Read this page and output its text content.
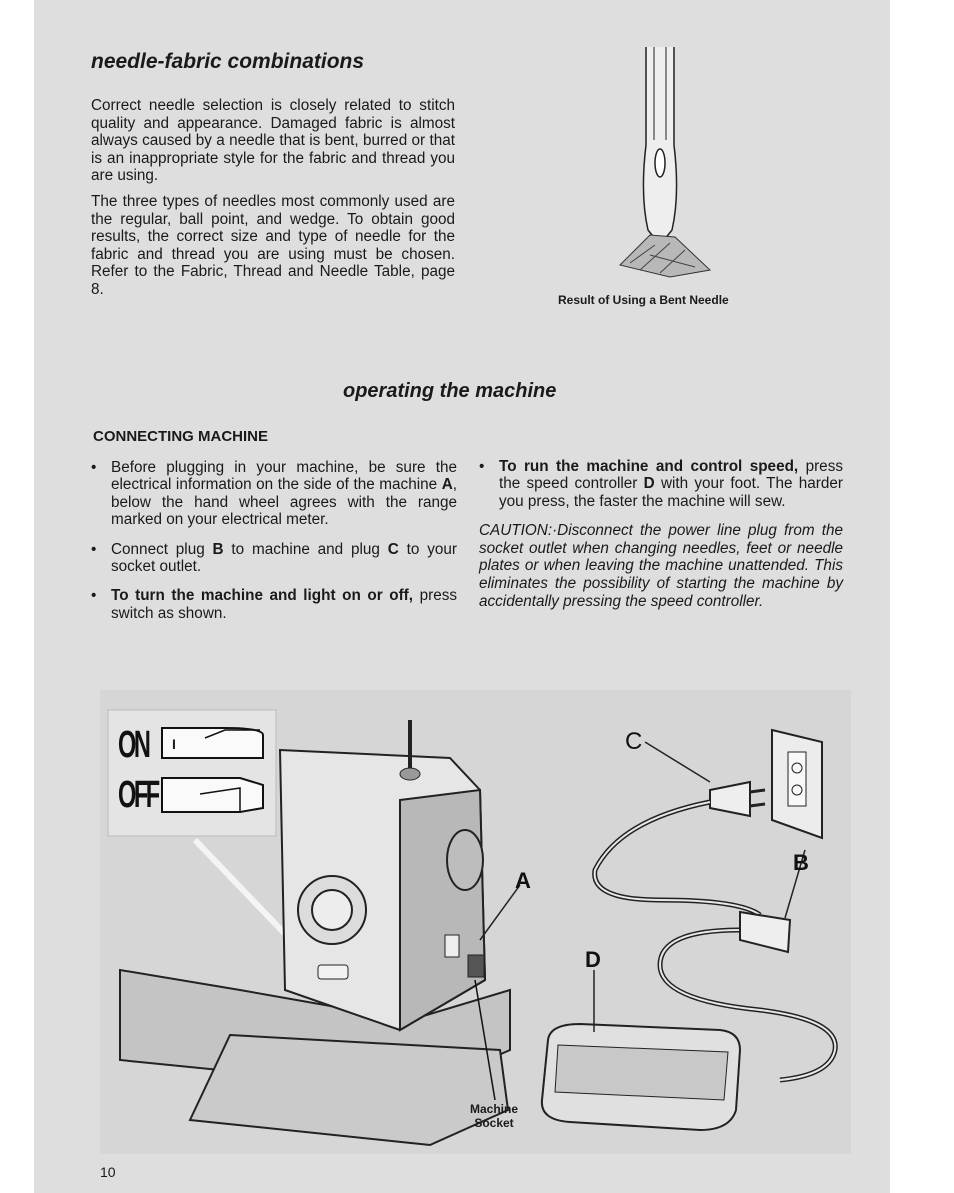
needle-fabric combinations

Correct needle selection is closely related to stitch quality and appearance. Damaged fabric is almost always caused by a needle that is bent, burred or that is an inappropriate style for the fabric and thread you are using.

The three types of needles most commonly used are the regular, ball point, and wedge. To obtain good results, the correct size and type of needle for the fabric and thread you are using must be chosen. Refer to the Fabric, Thread and Needle Table, page 8.

Result of Using a Bent Needle
operating the machine
CONNECTING MACHINE
• Before plugging in your machine, be sure the electrical information on the side of the machine A, below the hand wheel agrees with the range marked on your electrical meter.
• Connect plug B to machine and plug C to your socket outlet.
• To turn the machine and light on or off, press switch as shown.
• To run the machine and control speed, press the speed controller D with your foot. The harder you press, the faster the machine will sew.
CAUTION:·Disconnect the power line plug from the socket outlet when changing needles, feet or needle plates or when leaving the machine unattended. This eliminates the possibility of starting the machine by accidentally pressing the speed controller.
ON
OFF
I
A
B
C
D
Machine
Socket
10
